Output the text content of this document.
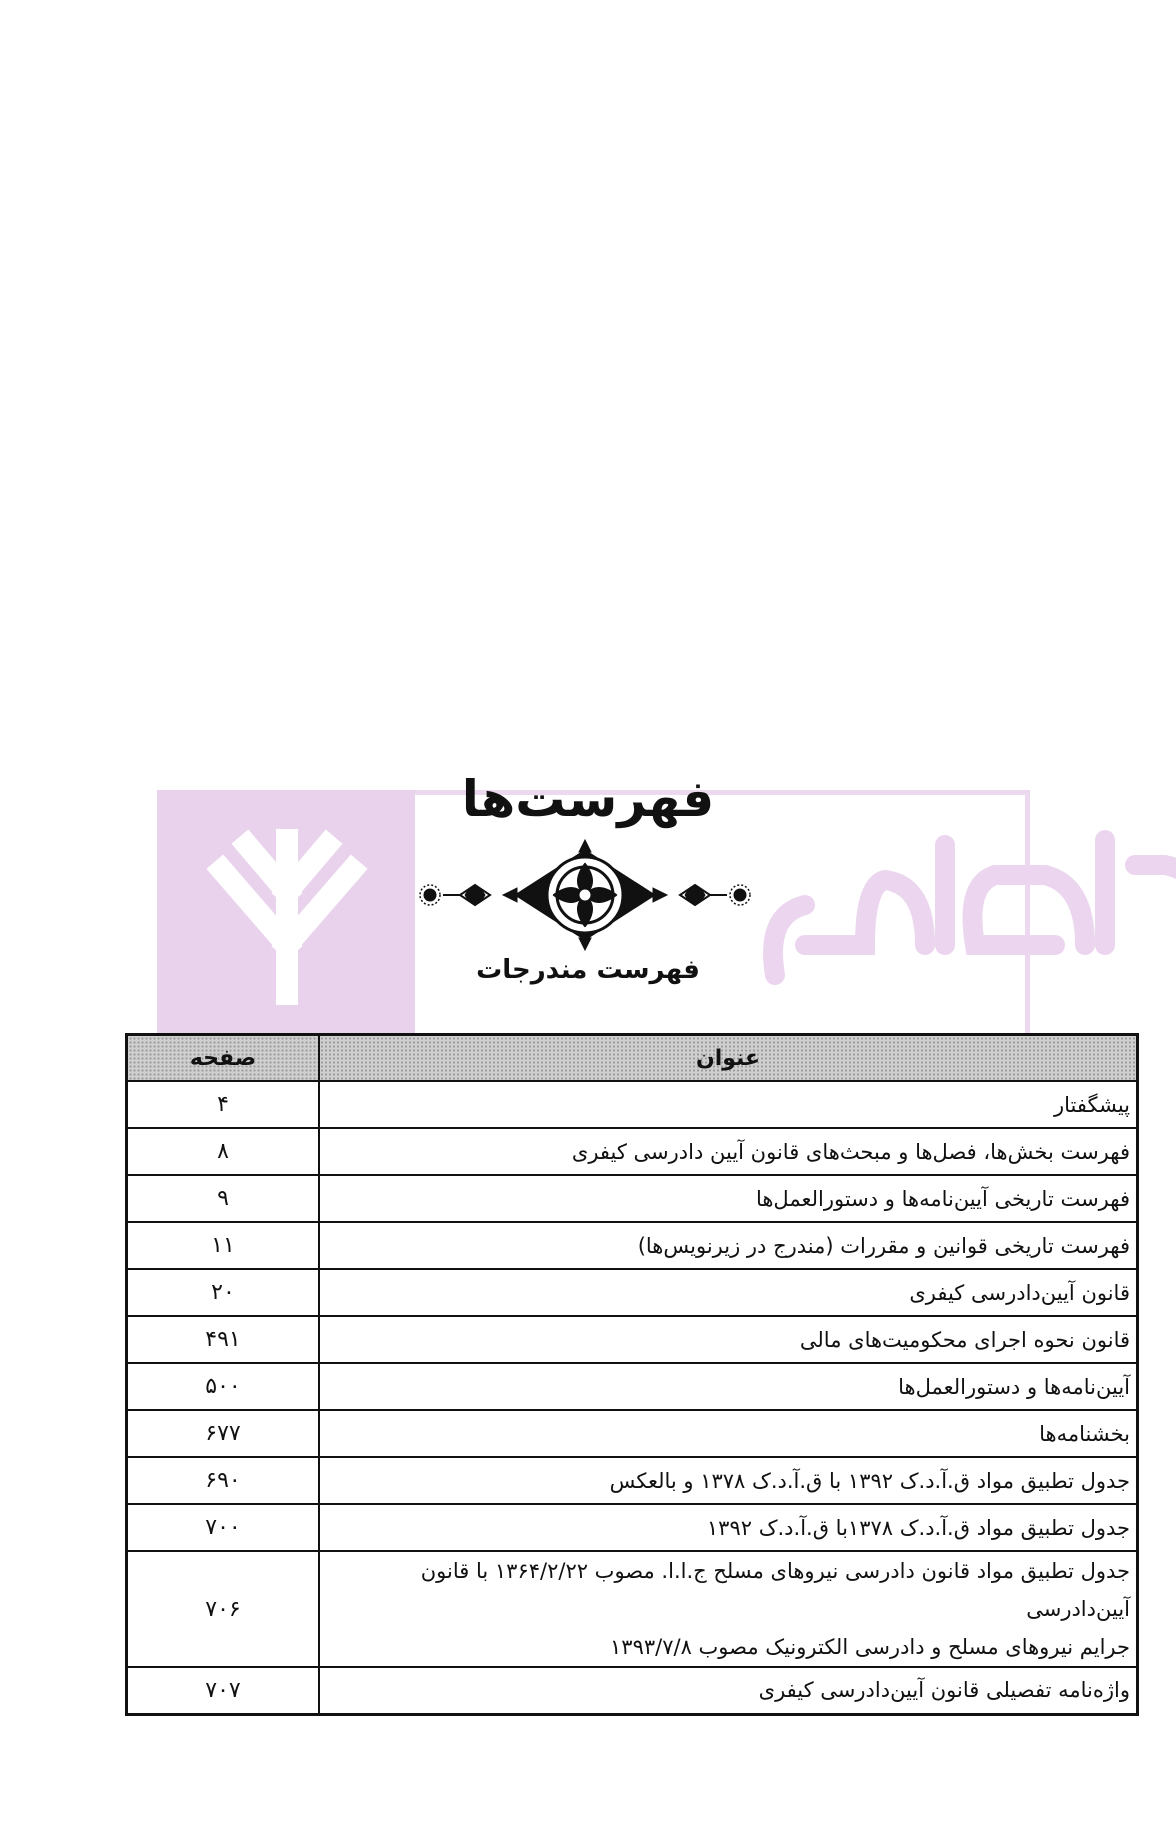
فهرست‌ها
فهرست مندرجات
عنوان	صفحه
پیشگفتار	۴
فهرست بخش‌ها، فصل‌ها و مبحث‌های قانون آیین دادرسی کیفری	۸
فهرست تاریخی آیین‌نامه‌ها و دستورالعمل‌ها	۹
فهرست تاریخی قوانین و مقررات (مندرج در زیرنویس‌ها)	۱۱
قانون آیین‌دادرسی کیفری	۲۰
قانون نحوه اجرای محکومیت‌های مالی	۴۹۱
آیین‌نامه‌ها و دستورالعمل‌ها	۵۰۰
بخشنامه‌ها	۶۷۷
جدول تطبیق مواد ق.آ.د.ک ۱۳۹۲ با ق.آ.د.ک ۱۳۷۸ و بالعکس	۶۹۰
جدول تطبیق مواد ق.آ.د.ک ۱۳۷۸با ق.آ.د.ک ۱۳۹۲	۷۰۰

جدول تطبیق مواد قانون دادرسی نیروهای مسلح ج.ا.ا. مصوب ۱۳۶۴/۲/۲۲ با قانون آیین‌دادرسی
جرایم نیروهای مسلح و دادرسی الکترونیک مصوب ۱۳۹۳/۷/۸	۷۰۶
واژه‌نامه تفصیلی قانون آیین‌دادرسی کیفری	۷۰۷
